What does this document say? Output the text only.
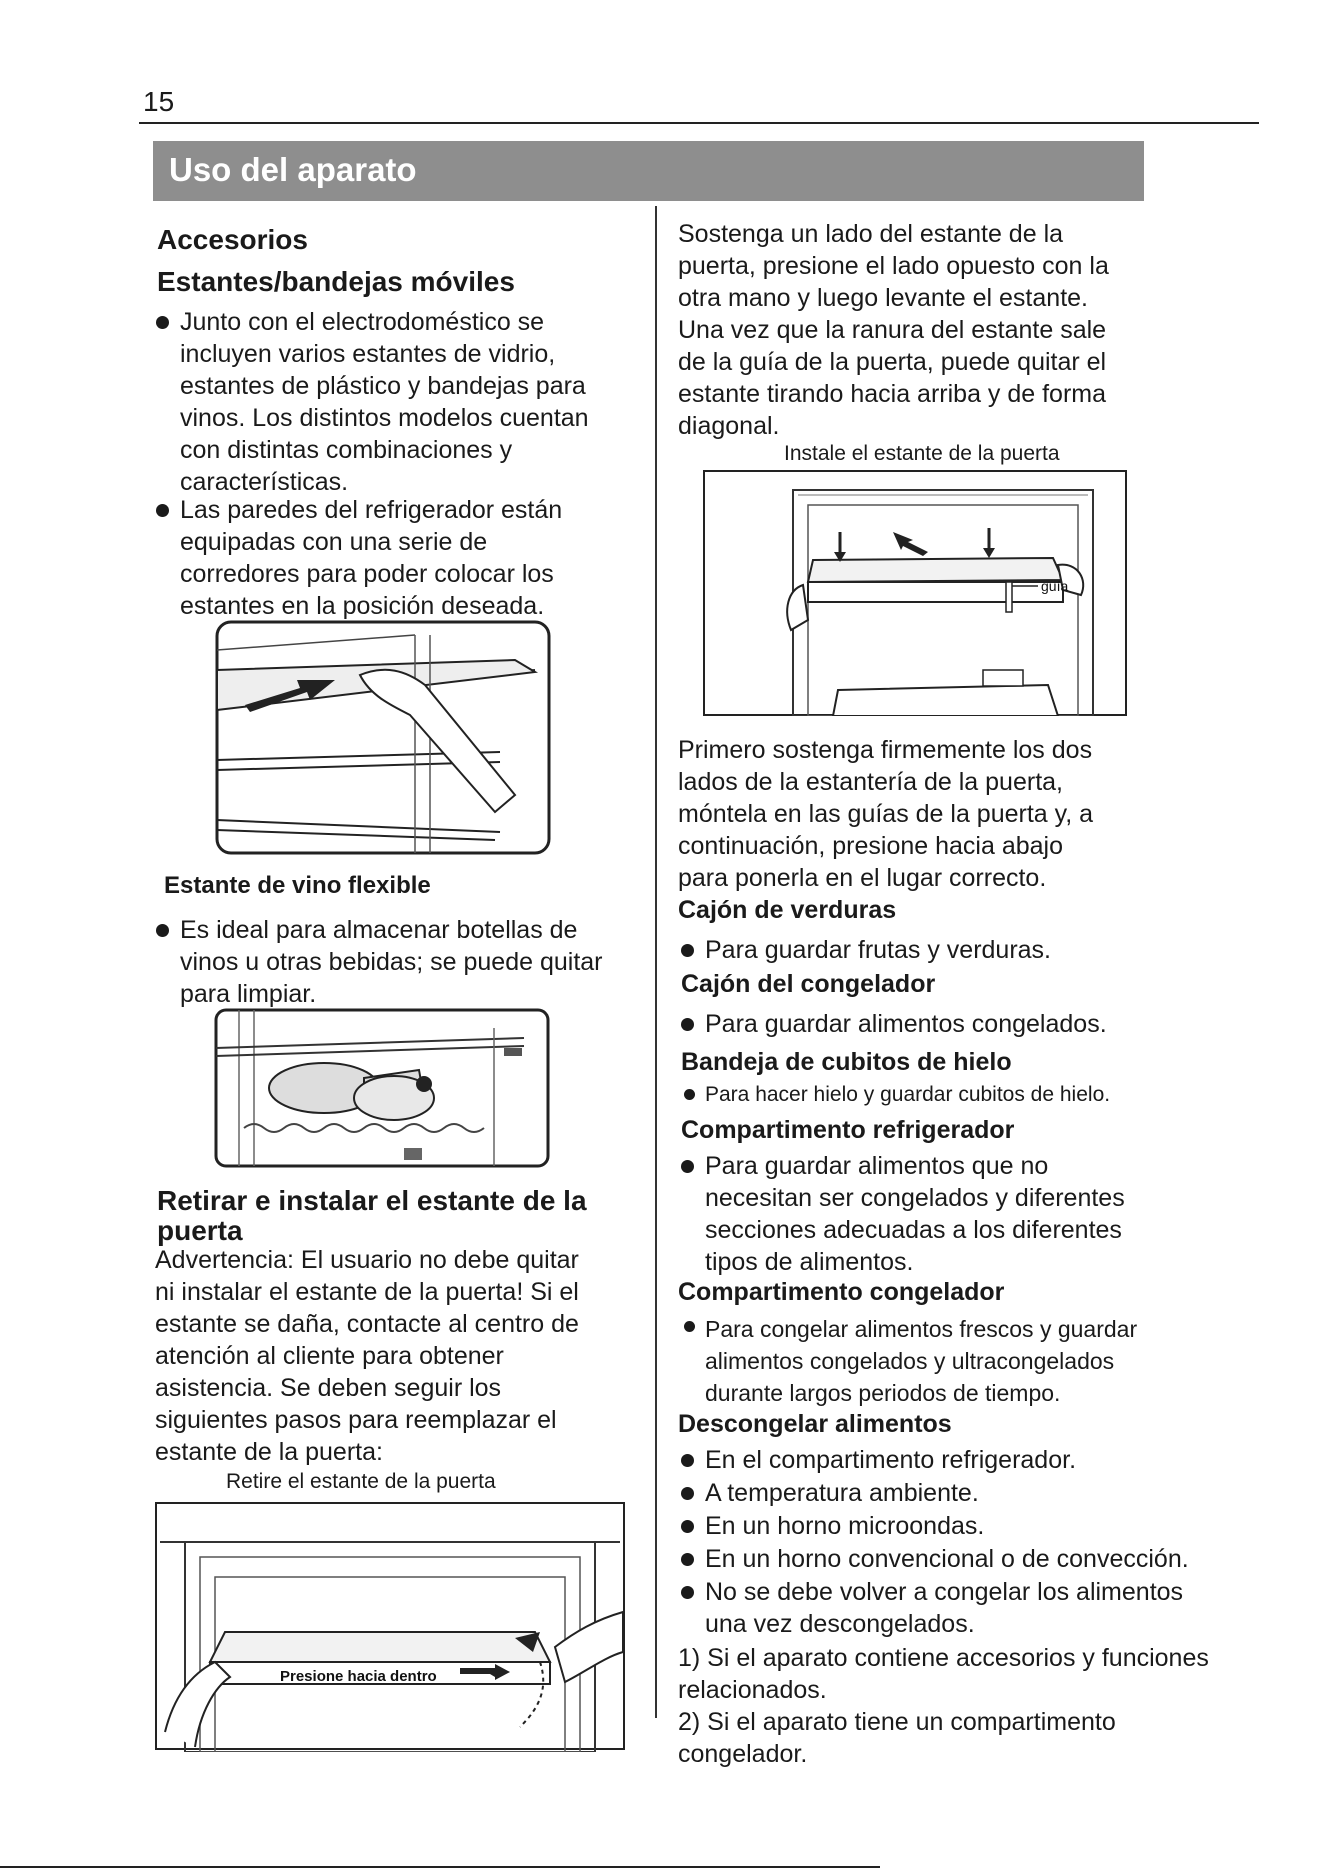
15
Uso del aparato
Accesorios
Estantes/bandejas móviles
Junto con el electrodoméstico se
incluyen varios estantes de vidrio,
estantes de plástico y bandejas para
vinos. Los distintos modelos cuentan
con distintas combinaciones y
características.
Las paredes del refrigerador están
equipadas con una serie de
corredores para poder colocar los
estantes en la posición deseada.
Estante de vino flexible
Es ideal para almacenar botellas de
vinos u otras bebidas; se puede quitar
para limpiar.
Retirar e instalar el estante de la
puerta
Advertencia: El usuario no debe quitar
ni instalar el estante de la puerta! Si el
estante se daña, contacte al centro de
atención al cliente para obtener
asistencia. Se deben seguir los
siguientes pasos para reemplazar el
estante de la puerta:
Retire el estante de la puerta
Presione hacia dentro
Sostenga un lado del estante de la
puerta, presione el lado opuesto con la
otra mano y luego levante el estante.
Una vez que la ranura del estante sale
de la guía de la puerta, puede quitar el
estante tirando hacia arriba y de forma
diagonal.
Instale el estante de la puerta
guía
Primero sostenga firmemente los dos
lados de la estantería de la puerta,
móntela en las guías de la puerta y, a
continuación, presione hacia abajo
para ponerla en el lugar correcto.
Cajón de verduras
Para guardar frutas y verduras.
Cajón del congelador
Para guardar alimentos congelados.
Bandeja de cubitos de hielo
Para hacer hielo y guardar cubitos de hielo.
Compartimento refrigerador
Para guardar alimentos que no
necesitan ser congelados y diferentes
secciones adecuadas a los diferentes
tipos de alimentos.
Compartimento congelador
Para congelar alimentos frescos y guardar
alimentos congelados y ultracongelados
durante largos periodos de tiempo.
Descongelar alimentos
En el compartimento refrigerador.
A temperatura ambiente.
En un horno microondas.
En un horno convencional o de convección.
No se debe volver a congelar los alimentos
una vez descongelados.
1) Si el aparato contiene accesorios y funciones
relacionados.
2) Si el aparato tiene un compartimento
congelador.
